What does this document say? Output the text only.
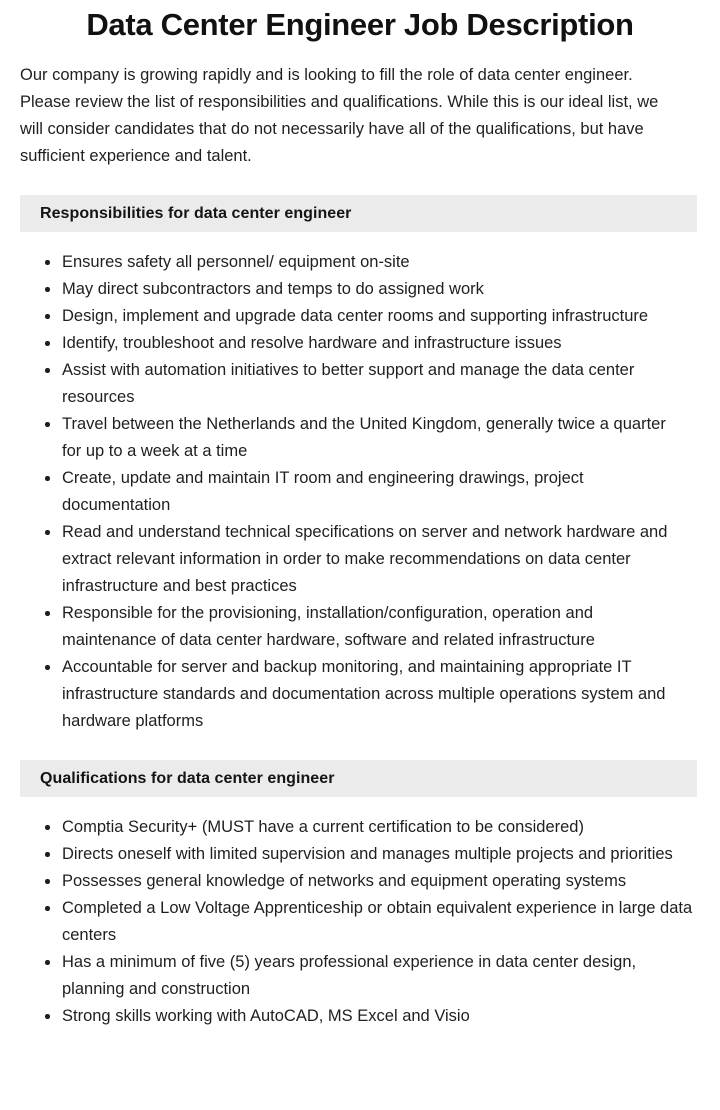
Data Center Engineer Job Description

Our company is growing rapidly and is looking to fill the role of data center engineer. Please review the list of responsibilities and qualifications. While this is our ideal list, we will consider candidates that do not necessarily have all of the qualifications, but have sufficient experience and talent.

Responsibilities for data center engineer
Ensures safety all personnel/ equipment on-site
May direct subcontractors and temps to do assigned work
Design, implement and upgrade data center rooms and supporting infrastructure
Identify, troubleshoot and resolve hardware and infrastructure issues
Assist with automation initiatives to better support and manage the data center resources
Travel between the Netherlands and the United Kingdom, generally twice a quarter for up to a week at a time
Create, update and maintain IT room and engineering drawings, project documentation
Read and understand technical specifications on server and network hardware and extract relevant information in order to make recommendations on data center infrastructure and best practices
Responsible for the provisioning, installation/configuration, operation and maintenance of data center hardware, software and related infrastructure
Accountable for server and backup monitoring, and maintaining appropriate IT infrastructure standards and documentation across multiple operations system and hardware platforms
Qualifications for data center engineer
Comptia Security+ (MUST have a current certification to be considered)
Directs oneself with limited supervision and manages multiple projects and priorities
Possesses general knowledge of networks and equipment operating systems
Completed a Low Voltage Apprenticeship or obtain equivalent experience in large data centers
Has a minimum of five (5) years professional experience in data center design, planning and construction
Strong skills working with AutoCAD, MS Excel and Visio
